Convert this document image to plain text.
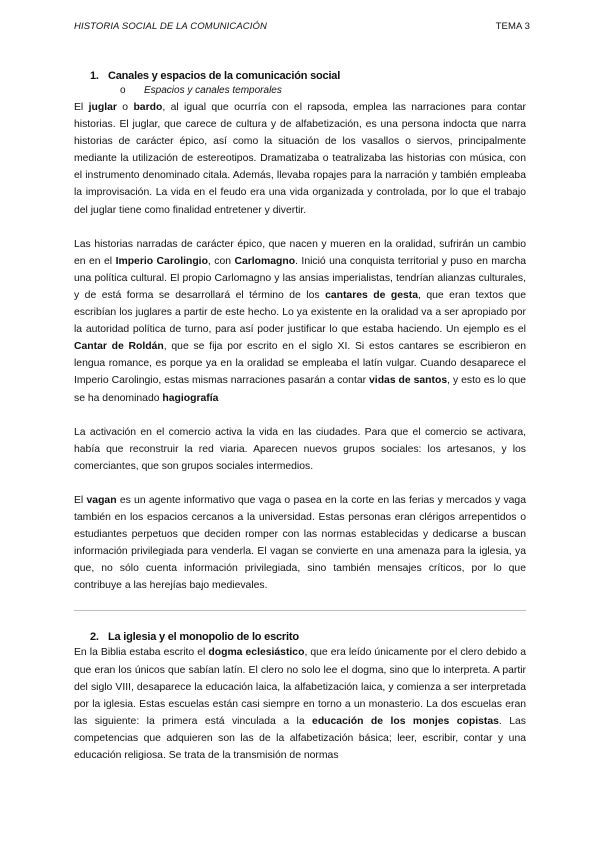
HISTORIA SOCIAL DE LA COMUNICACIÓN	TEMA 3
1. Canales y espacios de la comunicación social
o Espacios y canales temporales

El juglar o bardo, al igual que ocurría con el rapsoda, emplea las narraciones para contar historias. El juglar, que carece de cultura y de alfabetización, es una persona indocta que narra historias de carácter épico, así como la situación de los vasallos o siervos, principalmente mediante la utilización de estereotipos. Dramatizaba o teatralizaba las historias con música, con el instrumento denominado citala. Además, llevaba ropajes para la narración y también empleaba la improvisación. La vida en el feudo era una vida organizada y controlada, por lo que el trabajo del juglar tiene como finalidad entretener y divertir.

Las historias narradas de carácter épico, que nacen y mueren en la oralidad, sufrirán un cambio en en el Imperio Carolingio, con Carlomagno. Inició una conquista territorial y puso en marcha una política cultural. El propio Carlomagno y las ansias imperialistas, tendrían alianzas culturales, y de está forma se desarrollará el término de los cantares de gesta, que eran textos que escribían los juglares a partir de este hecho. Lo ya existente en la oralidad va a ser apropiado por la autoridad política de turno, para así poder justificar lo que estaba haciendo. Un ejemplo es el Cantar de Roldán, que se fija por escrito en el siglo XI. Si estos cantares se escribieron en lengua romance, es porque ya en la oralidad se empleaba el latín vulgar. Cuando desaparece el Imperio Carolingio, estas mismas narraciones pasarán a contar vidas de santos, y esto es lo que se ha denominado hagiografía

La activación en el comercio activa la vida en las ciudades. Para que el comercio se activara, había que reconstruir la red viaria. Aparecen nuevos grupos sociales: los artesanos, y los comerciantes, que son grupos sociales intermedios.

El vagan es un agente informativo que vaga o pasea en la corte en las ferias y mercados y vaga también en los espacios cercanos a la universidad. Estas personas eran clérigos arrepentidos o estudiantes perpetuos que deciden romper con las normas establecidas y dedicarse a buscan información privilegiada para venderla. El vagan se convierte en una amenaza para la iglesia, ya que, no sólo cuenta información privilegiada, sino también mensajes críticos, por lo que contribuye a las herejías bajo medievales.

2. La iglesia y el monopolio de lo escrito

En la Biblia estaba escrito el dogma eclesiástico, que era leído únicamente por el clero debido a que eran los únicos que sabían latín. El clero no solo lee el dogma, sino que lo interpreta. A partir del siglo VIII, desaparece la educación laica, la alfabetización laica, y comienza a ser interpretada por la iglesia. Estas escuelas están casi siempre en torno a un monasterio. La dos escuelas eran las siguiente: la primera está vinculada a la educación de los monjes copistas. Las competencias que adquieren son las de la alfabetización básica; leer, escribir, contar y una educación religiosa. Se trata de la transmisión de normas
